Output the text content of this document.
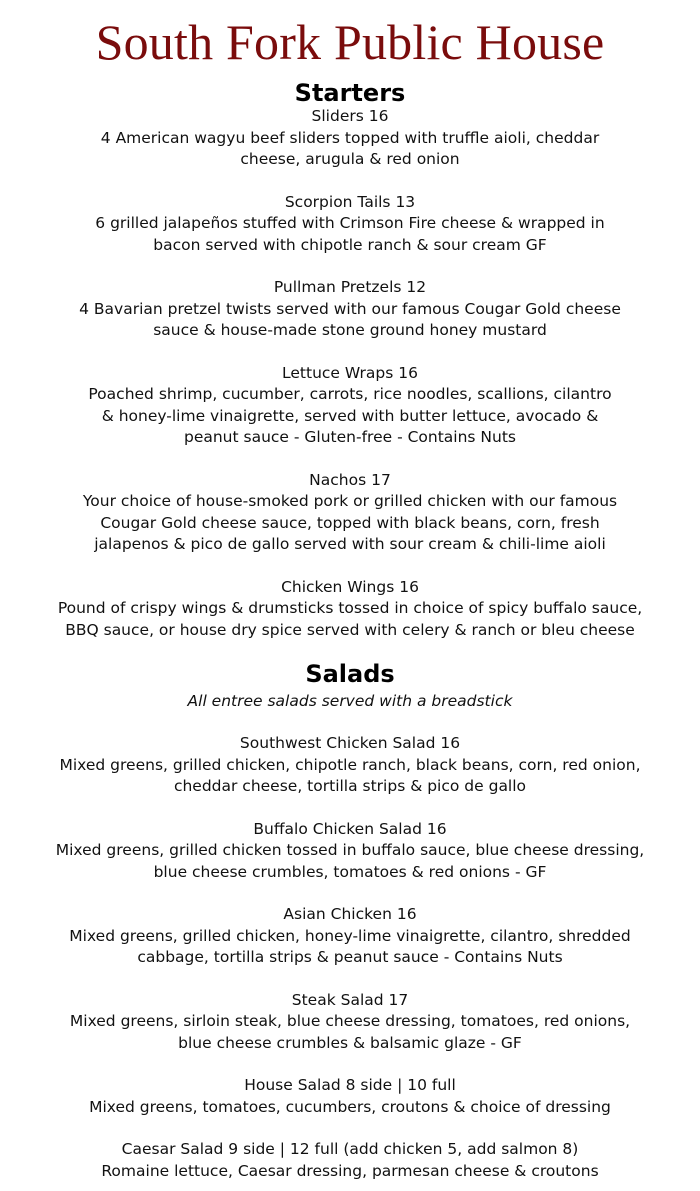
South Fork Public House
Starters

Sliders 16

4 American wagyu beef sliders topped with truffle aioli, cheddar

cheese, arugula & red onion

Scorpion Tails 13

6 grilled jalapeños stuffed with Crimson Fire cheese & wrapped in

bacon served with chipotle ranch & sour cream GF

Pullman Pretzels 12

4 Bavarian pretzel twists served with our famous Cougar Gold cheese

sauce & house-made stone ground honey mustard

Lettuce Wraps 16

Poached shrimp, cucumber, carrots, rice noodles, scallions, cilantro

& honey-lime vinaigrette, served with butter lettuce, avocado &

peanut sauce - Gluten-free - Contains Nuts

Nachos 17

Your choice of house-smoked pork or grilled chicken with our famous

Cougar Gold cheese sauce, topped with black beans, corn, fresh

jalapenos & pico de gallo served with sour cream & chili-lime aioli

Chicken Wings 16

Pound of crispy wings & drumsticks tossed in choice of spicy buffalo sauce,

BBQ sauce, or house dry spice served with celery & ranch or bleu cheese

Salads

All entree salads served with a breadstick

Southwest Chicken Salad 16

Mixed greens, grilled chicken, chipotle ranch, black beans, corn, red onion,

cheddar cheese, tortilla strips & pico de gallo

Buffalo Chicken Salad 16

Mixed greens, grilled chicken tossed in buffalo sauce, blue cheese dressing,

blue cheese crumbles, tomatoes & red onions - GF

Asian Chicken 16

Mixed greens, grilled chicken, honey-lime vinaigrette, cilantro, shredded

cabbage, tortilla strips & peanut sauce - Contains Nuts

Steak Salad 17

Mixed greens, sirloin steak, blue cheese dressing, tomatoes, red onions,

blue cheese crumbles & balsamic glaze - GF

House Salad 8 side | 10 full

Mixed greens, tomatoes, cucumbers, croutons & choice of dressing

Caesar Salad 9 side | 12 full (add chicken 5, add salmon 8)

Romaine lettuce, Caesar dressing, parmesan cheese & croutons
